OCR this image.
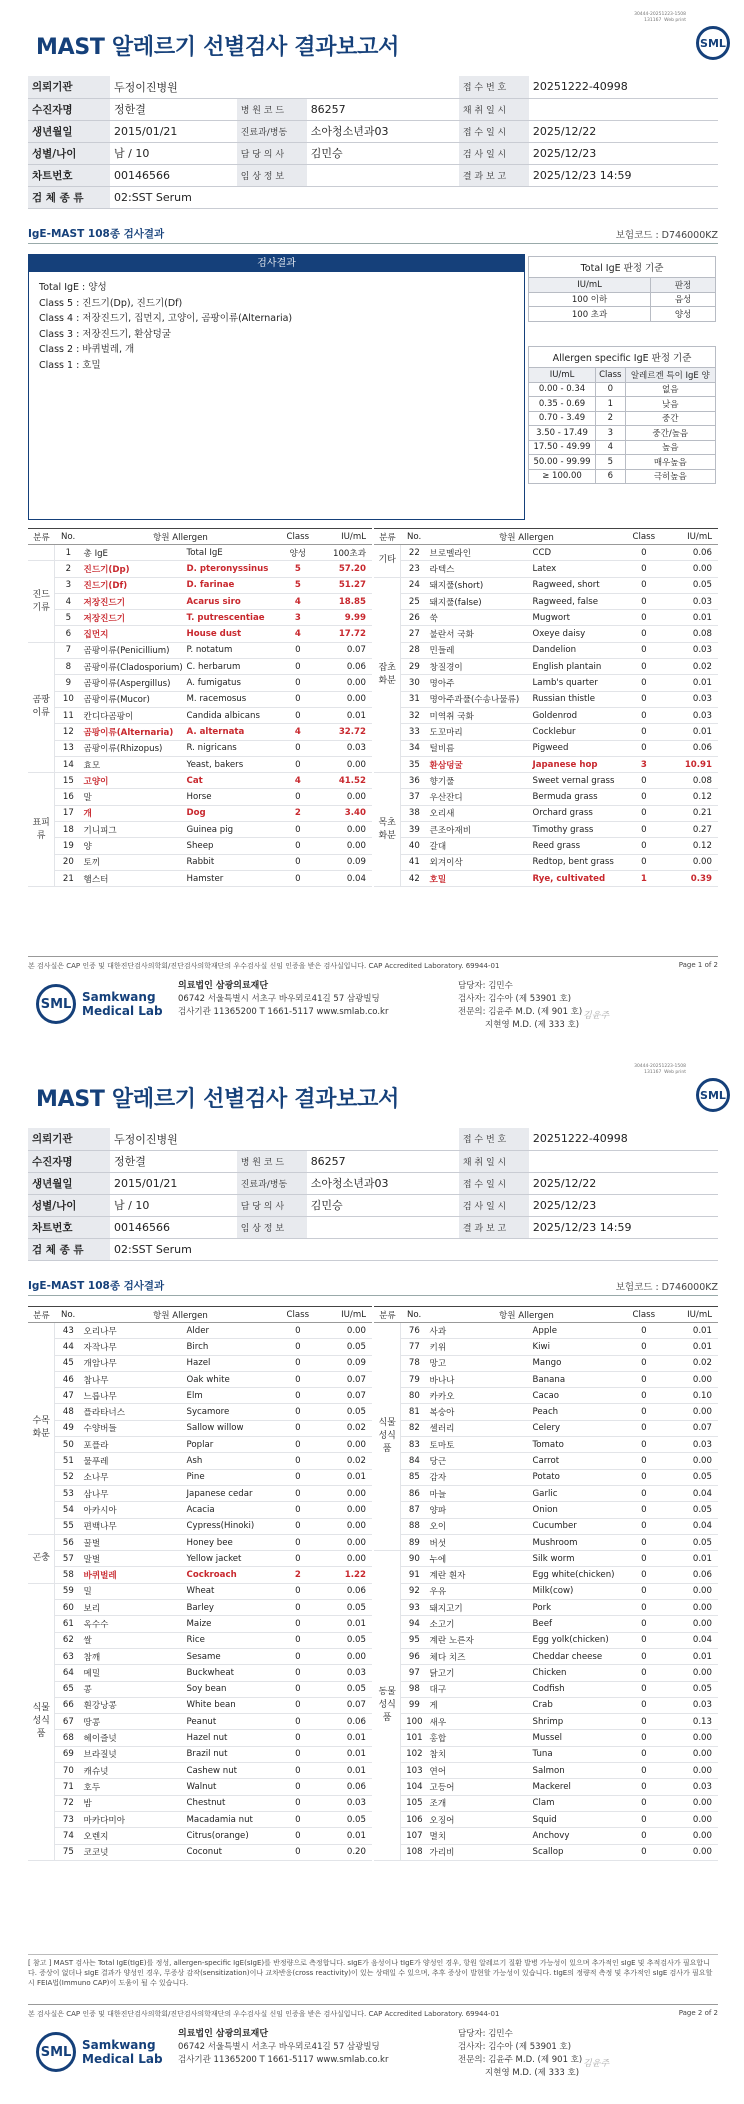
30444-20251223-1508
131167  Web print
MAST 알레르기 선별검사 결과보고서	SML
의뢰기관	두정이진병원			접 수 번 호	20251222-40998
수진자명	정한결	병 원 코 드	86257	채 취 일 시	
생년월일	2015/01/21	진료과/병동	소아청소년과03	접 수 일 시	2025/12/22
성별/나이	남 / 10	담 당 의 사	김민승	검 사 일 시	2025/12/23
차트번호	00146566	임 상 정 보		결 과 보 고	2025/12/23 14:59
검 체 종 류	02:SST Serum				
IgE-MAST 108종 검사결과	보험코드 : D746000KZ
검사결과
Total IgE : 양성
Class 5 : 진드기(Dp), 진드기(Df)
Class 4 : 저장진드기, 집먼지, 고양이, 곰팡이류(Alternaria)
Class 3 : 저장진드기, 환삼덩굴
Class 2 : 바퀴벌레, 개
Class 1 : 호밀
Total IgE 판정 기준
IU/mL	판정
100 이하	음성
100 초과	양성
Allergen specific IgE 판정 기준
IU/mL	Class	알레르겐 특이 IgE 양
0.00 - 0.34	0	없음
0.35 - 0.69	1	낮음
0.70 - 3.49	2	중간
3.50 - 17.49	3	중간/높음
17.50 - 49.99	4	높음
50.00 - 99.99	5	매우높음
≥ 100.00	6	극히높음
분류	No.	항원 Allergen		Class	IU/mL
	1	총 IgE	Total IgE	양성	100초과
진드기류	2	진드기(Dp)	D. pteronyssinus	5	57.20
	3	진드기(Df)	D. farinae	5	51.27
	4	저장진드기	Acarus siro	4	18.85
	5	저장진드기	T. putrescentiae	3	9.99
	6	집먼지	House dust	4	17.72
곰팡이류	7	곰팡이류(Penicillium)	P. notatum	0	0.07
	8	곰팡이류(Cladosporium)	C. herbarum	0	0.06
	9	곰팡이류(Aspergillus)	A. fumigatus	0	0.00
	10	곰팡이류(Mucor)	M. racemosus	0	0.00
	11	칸디다곰팡이	Candida albicans	0	0.01
	12	곰팡이류(Alternaria)	A. alternata	4	32.72
	13	곰팡이류(Rhizopus)	R. nigricans	0	0.03
	14	효모	Yeast, bakers	0	0.00
표피류	15	고양이	Cat	4	41.52
	16	말	Horse	0	0.00
	17	개	Dog	2	3.40
	18	기니피그	Guinea pig	0	0.00
	19	양	Sheep	0	0.00
	20	토끼	Rabbit	0	0.09
	21	햄스터	Hamster	0	0.04
분류	No.	항원 Allergen		Class	IU/mL
기타	22	브로멜라인	CCD	0	0.06
	23	라텍스	Latex	0	0.00
잡초화분	24	돼지풀(short)	Ragweed, short	0	0.05
	25	돼지풀(false)	Ragweed, false	0	0.03
	26	쑥	Mugwort	0	0.01
	27	불란서 국화	Oxeye daisy	0	0.08
	28	민들레	Dandelion	0	0.03
	29	창질경이	English plantain	0	0.02
	30	명아주	Lamb's quarter	0	0.01
	31	명아주과풀(수송나물류)	Russian thistle	0	0.03
	32	미역취 국화	Goldenrod	0	0.03
	33	도꼬마리	Cocklebur	0	0.01
	34	털비름	Pigweed	0	0.06
	35	환삼덩굴	Japanese hop	3	10.91
목초화분	36	향기풀	Sweet vernal grass	0	0.08
	37	우산잔디	Bermuda grass	0	0.12
	38	오리새	Orchard grass	0	0.21
	39	큰조아재비	Timothy grass	0	0.27
	40	갈대	Reed grass	0	0.12
	41	외겨이삭	Redtop, bent grass	0	0.00
	42	호밀	Rye, cultivated	1	0.39
본 검사실은 CAP 인증 및 대한진단검사의학회/진단검사의학재단의 우수검사실 신임 인증을 받은 검사실입니다. CAP Accredited Laboratory. 69944-01	Page 1 of 2
SML Samkwang
Medical Lab
의료법인 삼광의료재단
06742 서울특별시 서초구 바우뫼로41길 57 삼광빌딩
검사기관 11365200 T 1661-5117 www.smlab.co.kr
담당자: 김민수
검사자: 김수아 (제 53901 호)
전문의: 김윤주 M.D. (제 901 호)
지현영 M.D. (제 333 호)
김윤주
30444-20251223-1508
131167  Web print
MAST 알레르기 선별검사 결과보고서	SML
의뢰기관	두정이진병원			접 수 번 호	20251222-40998
수진자명	정한결	병 원 코 드	86257	채 취 일 시	
생년월일	2015/01/21	진료과/병동	소아청소년과03	접 수 일 시	2025/12/22
성별/나이	남 / 10	담 당 의 사	김민승	검 사 일 시	2025/12/23
차트번호	00146566	임 상 정 보		결 과 보 고	2025/12/23 14:59
검 체 종 류	02:SST Serum				
IgE-MAST 108종 검사결과	보험코드 : D746000KZ
분류	No.	항원 Allergen		Class	IU/mL
수목화분	43	오리나무	Alder	0	0.00
	44	자작나무	Birch	0	0.05
	45	개암나무	Hazel	0	0.09
	46	참나무	Oak white	0	0.07
	47	느릅나무	Elm	0	0.07
	48	플라타너스	Sycamore	0	0.05
	49	수양버들	Sallow willow	0	0.02
	50	포플라	Poplar	0	0.00
	51	물푸레	Ash	0	0.02
	52	소나무	Pine	0	0.01
	53	삼나무	Japanese cedar	0	0.00
	54	아카시아	Acacia	0	0.00
	55	편백나무	Cypress(Hinoki)	0	0.00
곤충	56	꿀벌	Honey bee	0	0.00
	57	말벌	Yellow jacket	0	0.00
	58	바퀴벌레	Cockroach	2	1.22
식물성식품	59	밀	Wheat	0	0.06
	60	보리	Barley	0	0.05
	61	옥수수	Maize	0	0.01
	62	쌀	Rice	0	0.05
	63	참깨	Sesame	0	0.00
	64	메밀	Buckwheat	0	0.03
	65	콩	Soy bean	0	0.05
	66	흰강낭콩	White bean	0	0.07
	67	땅콩	Peanut	0	0.06
	68	헤이즐넛	Hazel nut	0	0.01
	69	브라질넛	Brazil nut	0	0.01
	70	캐슈넛	Cashew nut	0	0.01
	71	호두	Walnut	0	0.06
	72	밤	Chestnut	0	0.03
	73	마카다미아	Macadamia nut	0	0.05
	74	오렌지	Citrus(orange)	0	0.01
	75	코코넛	Coconut	0	0.20
분류	No.	항원 Allergen		Class	IU/mL
식물성식품	76	사과	Apple	0	0.01
	77	키위	Kiwi	0	0.01
	78	망고	Mango	0	0.02
	79	바나나	Banana	0	0.00
	80	카카오	Cacao	0	0.10
	81	복숭아	Peach	0	0.00
	82	셀러리	Celery	0	0.07
	83	토마토	Tomato	0	0.03
	84	당근	Carrot	0	0.00
	85	감자	Potato	0	0.05
	86	마늘	Garlic	0	0.04
	87	양파	Onion	0	0.05
	88	오이	Cucumber	0	0.04
	89	버섯	Mushroom	0	0.05
동물성식품	90	누에	Silk worm	0	0.01
	91	계란 흰자	Egg white(chicken)	0	0.06
	92	우유	Milk(cow)	0	0.00
	93	돼지고기	Pork	0	0.00
	94	소고기	Beef	0	0.00
	95	계란 노른자	Egg yolk(chicken)	0	0.04
	96	체다 치즈	Cheddar cheese	0	0.01
	97	닭고기	Chicken	0	0.00
	98	대구	Codfish	0	0.05
	99	게	Crab	0	0.03
	100	새우	Shrimp	0	0.13
	101	홍합	Mussel	0	0.00
	102	참치	Tuna	0	0.00
	103	연어	Salmon	0	0.00
	104	고등어	Mackerel	0	0.03
	105	조개	Clam	0	0.00
	106	오징어	Squid	0	0.00
	107	멸치	Anchovy	0	0.00
	108	가리비	Scallop	0	0.00
[ 참고 ] MAST 검사는 Total IgE(tIgE)를 정성, allergen-specific IgE(sIgE)를 반정량으로 측정합니다. sIgE가 음성이나 tIgE가 양성인 경우, 항원 알레르기 질환 발병 가능성이 있으며 추가적인 sIgE 및 추적검사가 필요합니다. 증상이 없더나 sIgE 결과가 양성인 경우, 무증상 감작(sensitization)이나 교차반응(cross reactivity)이 있는 상태일 수 있으며, 추후 증상이 발현할 가능성이 있습니다. tIgE의 정량적 측정 및 추가적인 sIgE 검사가 필요할 시 FEIA법(Immuno CAP)이 도움이 될 수 있습니다.
본 검사실은 CAP 인증 및 대한진단검사의학회/진단검사의학재단의 우수검사실 신임 인증을 받은 검사실입니다. CAP Accredited Laboratory. 69944-01	Page 2 of 2
SML Samkwang
Medical Lab
의료법인 삼광의료재단
06742 서울특별시 서초구 바우뫼로41길 57 삼광빌딩
검사기관 11365200 T 1661-5117 www.smlab.co.kr
담당자: 김민수
검사자: 김수아 (제 53901 호)
전문의: 김윤주 M.D. (제 901 호)
지현영 M.D. (제 333 호)
김윤주
